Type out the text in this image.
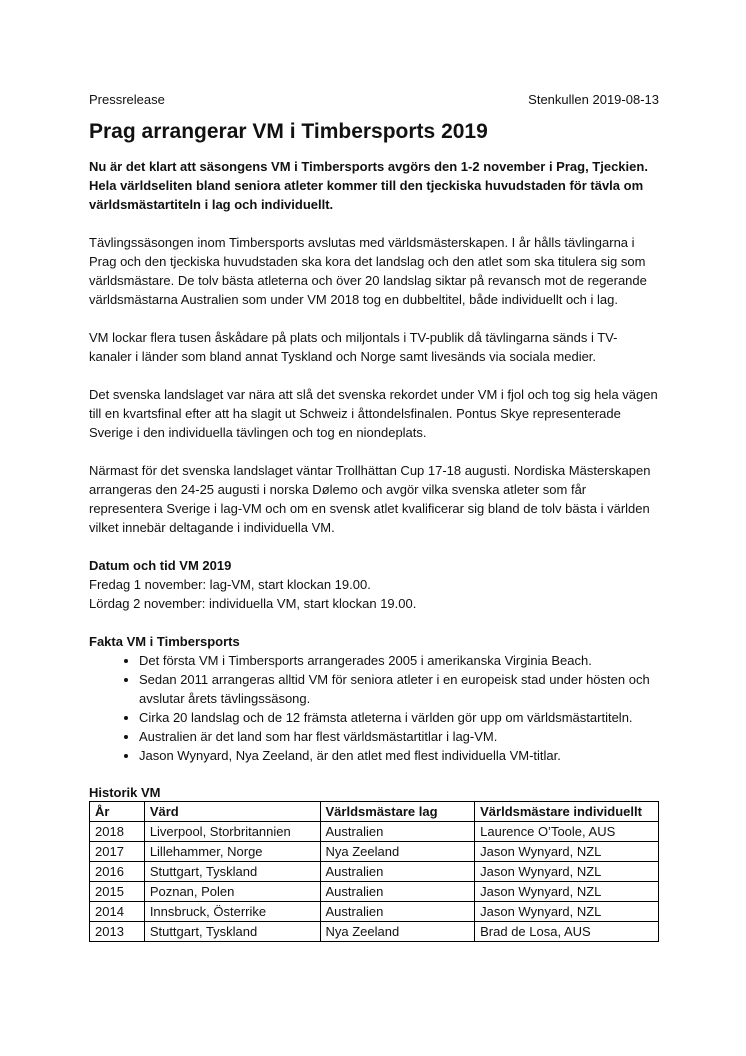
Pressrelease	Stenkullen 2019-08-13
Prag arrangerar VM i Timbersports 2019

Nu är det klart att säsongens VM i Timbersports avgörs den 1-2 november i Prag, Tjeckien. Hela världseliten bland seniora atleter kommer till den tjeckiska huvudstaden för tävla om världsmästartiteln i lag och individuellt.

Tävlingssäsongen inom Timbersports avslutas med världsmästerskapen. I år hålls tävlingarna i Prag och den tjeckiska huvudstaden ska kora det landslag och den atlet som ska titulera sig som världsmästare. De tolv bästa atleterna och över 20 landslag siktar på revansch mot de regerande världsmästarna Australien som under VM 2018 tog en dubbeltitel, både individuellt och i lag.

VM lockar flera tusen åskådare på plats och miljontals i TV-publik då tävlingarna sänds i TV-kanaler i länder som bland annat Tyskland och Norge samt livesänds via sociala medier.

Det svenska landslaget var nära att slå det svenska rekordet under VM i fjol och tog sig hela vägen till en kvartsfinal efter att ha slagit ut Schweiz i åttondelsfinalen. Pontus Skye representerade Sverige i den individuella tävlingen och tog en niondeplats.

Närmast för det svenska landslaget väntar Trollhättan Cup 17-18 augusti. Nordiska Mästerskapen arrangeras den 24-25 augusti i norska Dølemo och avgör vilka svenska atleter som får representera Sverige i lag-VM och om en svensk atlet kvalificerar sig bland de tolv bästa i världen vilket innebär deltagande i individuella VM.

Datum och tid VM 2019
Fredag 1 november: lag-VM, start klockan 19.00.
Lördag 2 november: individuella VM, start klockan 19.00.
Fakta VM i Timbersports
• Det första VM i Timbersports arrangerades 2005 i amerikanska Virginia Beach.
• Sedan 2011 arrangeras alltid VM för seniora atleter i en europeisk stad under hösten och avslutar årets tävlingssäsong.
• Cirka 20 landslag och de 12 främsta atleterna i världen gör upp om världsmästartiteln.
• Australien är det land som har flest världsmästartitlar i lag-VM.
• Jason Wynyard, Nya Zeeland, är den atlet med flest individuella VM-titlar.
Historik VM
År	Värd	Världsmästare lag	Världsmästare individuellt
2018	Liverpool, Storbritannien	Australien	Laurence O’Toole, AUS
2017	Lillehammer, Norge	Nya Zeeland	Jason Wynyard, NZL
2016	Stuttgart, Tyskland	Australien	Jason Wynyard, NZL
2015	Poznan, Polen	Australien	Jason Wynyard, NZL
2014	Innsbruck, Österrike	Australien	Jason Wynyard, NZL
2013	Stuttgart, Tyskland	Nya Zeeland	Brad de Losa, AUS
